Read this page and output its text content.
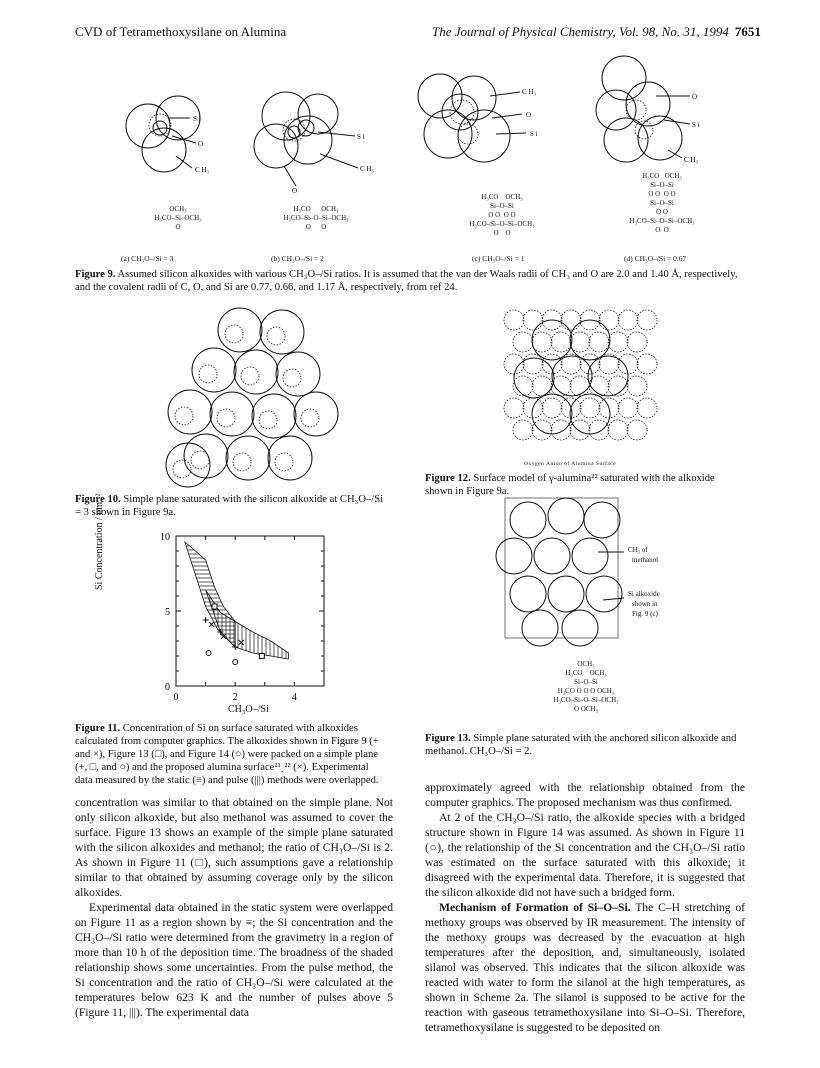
CVD of Tetramethoxysilane on Alumina	The Journal of Physical Chemistry, Vol. 98, No. 31, 1994 7651
S i
O
C H₃
S i
C H₃
O
C H₃
O
S i
O
S i
C H₃
OCH₃
H₃CO–Si–OCH₃
O
H₃CO      OCH₃
H₃CO–Si–O–Si–OCH₃
O      O
H₃CO    OCH₃
Si–O–Si
O O  O O
H₃CO–Si–O–Si–OCH₃
O    O
H₃CO   OCH₃
Si–O–Si
O O  O O
Si–O–Si
O O
H₃CO–Si–O–Si–OCH₃
O  O
(a) CH₃O–/Si = 3	(b) CH₃O–/Si = 2	(c) CH₃O–/Si = 1	(d) CH₃O–/Si = 0.67
Figure 9. Assumed silicon alkoxides with various CH₃O–/Si ratios. It is assumed that the van der Waals radii of CH₃ and O are 2.0 and 1.40 Å, respectively, and the covalent radii of C, O, and Si are 0.77, 0.66, and 1.17 Å, respectively, from ref 24.
Figure 10. Simple plane saturated with the silicon alkoxide at CH₃O–/Si = 3 shown in Figure 9a.
0	2	4
0
5
10
Si Concentration / nm⁻²
CH₃O–/Si
Figure 11. Concentration of Si on surface saturated with alkoxides calculated from computer graphics. The alkoxides shown in Figure 9 (+ and ×), Figure 13 (□), and Figure 14 (○) were packed on a simple plane (+, □, and ○) and the proposed alumina surface²¹ˎ²² (×). Experimental data measured by the static (≡) and pulse (|||) methods were overlapped.
Oxygen Anion of Alumina Surface
Figure 12. Surface model of γ-alumina²² saturated with the alkoxide shown in Figure 9a.
CH₃ of
methanol
Si alkoxide
shown in
Fig. 9 (c)
OCH₃
H₃CO    OCH₃
Si–O–Si
H₃CO O O O OCH₃
H₃CO–Si–O–Si–OCH₃
O OCH₃
Figure 13. Simple plane saturated with the anchored silicon alkoxide and methanol. CH₃O–/Si = 2.

concentration was similar to that obtained on the simple plane. Not only silicon alkoxide, but also methanol was assumed to cover the surface. Figure 13 shows an example of the simple plane saturated with the silicon alkoxides and methanol; the ratio of CH₃O–/Si is 2. As shown in Figure 11 (□), such assumptions gave a relationship similar to that obtained by assuming coverage only by the silicon alkoxides.

Experimental data obtained in the static system were overlapped on Figure 11 as a region shown by ≡; the Si concentration and the CH₃O–/Si ratio were determined from the gravimetry in a region of more than 10 h of the deposition time. The broadness of the shaded relationship shows some uncertainties. From the pulse method, the Si concentration and the ratio of CH₃O–/Si were calculated at the temperatures below 623 K and the number of pulses above 5 (Figure 11, |||). The experimental data

approximately agreed with the relationship obtained from the computer graphics. The proposed mechanism was thus confirmed.

At 2 of the CH₃O–/Si ratio, the alkoxide species with a bridged structure shown in Figure 14 was assumed. As shown in Figure 11 (○), the relationship of the Si concentration and the CH₃O–/Si ratio was estimated on the surface saturated with this alkoxide; it disagreed with the experimental data. Therefore, it is suggested that the silicon alkoxide did not have such a bridged form.

Mechanism of Formation of Si–O–Si. The C–H stretching of methoxy groups was observed by IR measurement. The intensity of the methoxy groups was decreased by the evacuation at high temperatures after the deposition, and, simultaneously, isolated silanol was observed. This indicates that the silicon alkoxide was reacted with water to form the silanol at the high temperatures, as shown in Scheme 2a. The silanol is supposed to be active for the reaction with gaseous tetramethoxysilane into Si–O–Si. Therefore, tetramethoxysilane is suggested to be deposited on
